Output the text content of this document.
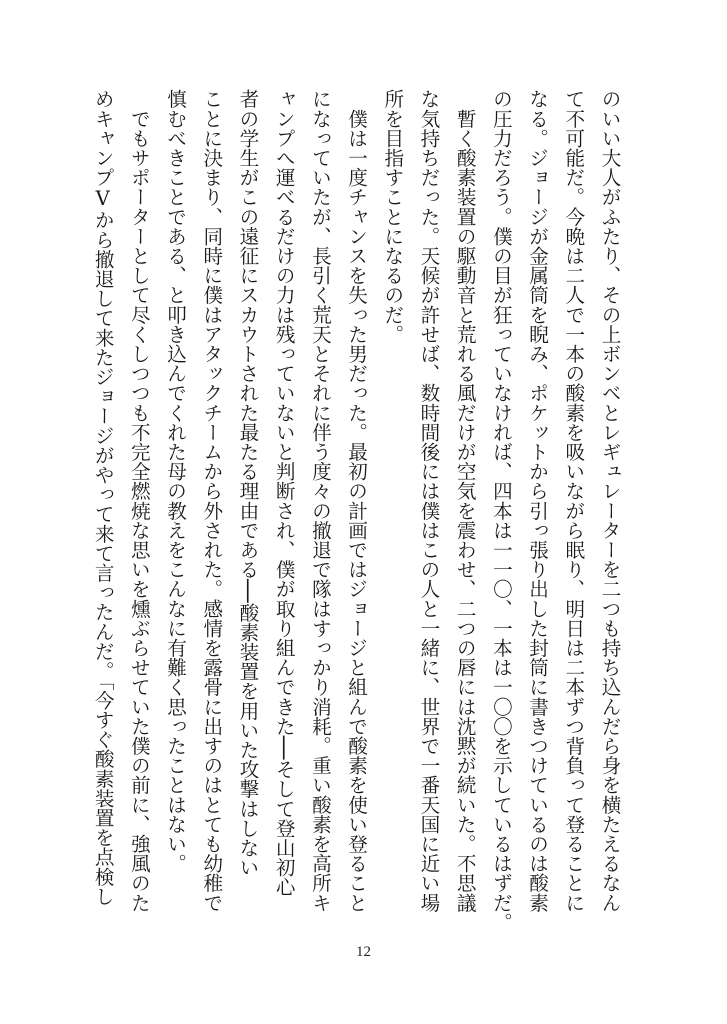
のいい大人がふたり、その上ボンベとレギュレーターを二つも持ち込んだら身を横たえるなん

て不可能だ。今晩は二人で一本の酸素を吸いながら眠り、明日は二本ずつ背負って登ることに

なる。ジョージが金属筒を睨み、ポケットから引っ張り出した封筒に書きつけているのは酸素

の圧力だろう。僕の目が狂っていなければ、四本は一一〇、一本は一〇〇を示しているはずだ。

　暫く酸素装置の駆動音と荒れる風だけが空気を震わせ、二つの唇には沈黙が続いた。不思議

な気持ちだった。天候が許せば、数時間後には僕はこの人と一緒に、世界で一番天国に近い場

所を目指すことになるのだ。

　僕は一度チャンスを失った男だった。最初の計画ではジョージと組んで酸素を使い登ること

になっていたが、長引く荒天とそれに伴う度々の撤退で隊はすっかり消耗。重い酸素を高所キ

ャンプへ運べるだけの力は残っていないと判断され、僕が取り組んできた──そして登山初心

者の学生がこの遠征にスカウトされた最たる理由である──酸素装置を用いた攻撃はしない

ことに決まり、同時に僕はアタックチームから外された。感情を露骨に出すのはとても幼稚で

慎むべきことである、と叩き込んでくれた母の教えをこんなに有難く思ったことはない。

　でもサポーターとして尽くしつつも不完全燃焼な思いを燻ぶらせていた僕の前に、強風のた

めキャンプⅤから撤退して来たジョージがやって来て言ったんだ。「今すぐ酸素装置を点検し

12
